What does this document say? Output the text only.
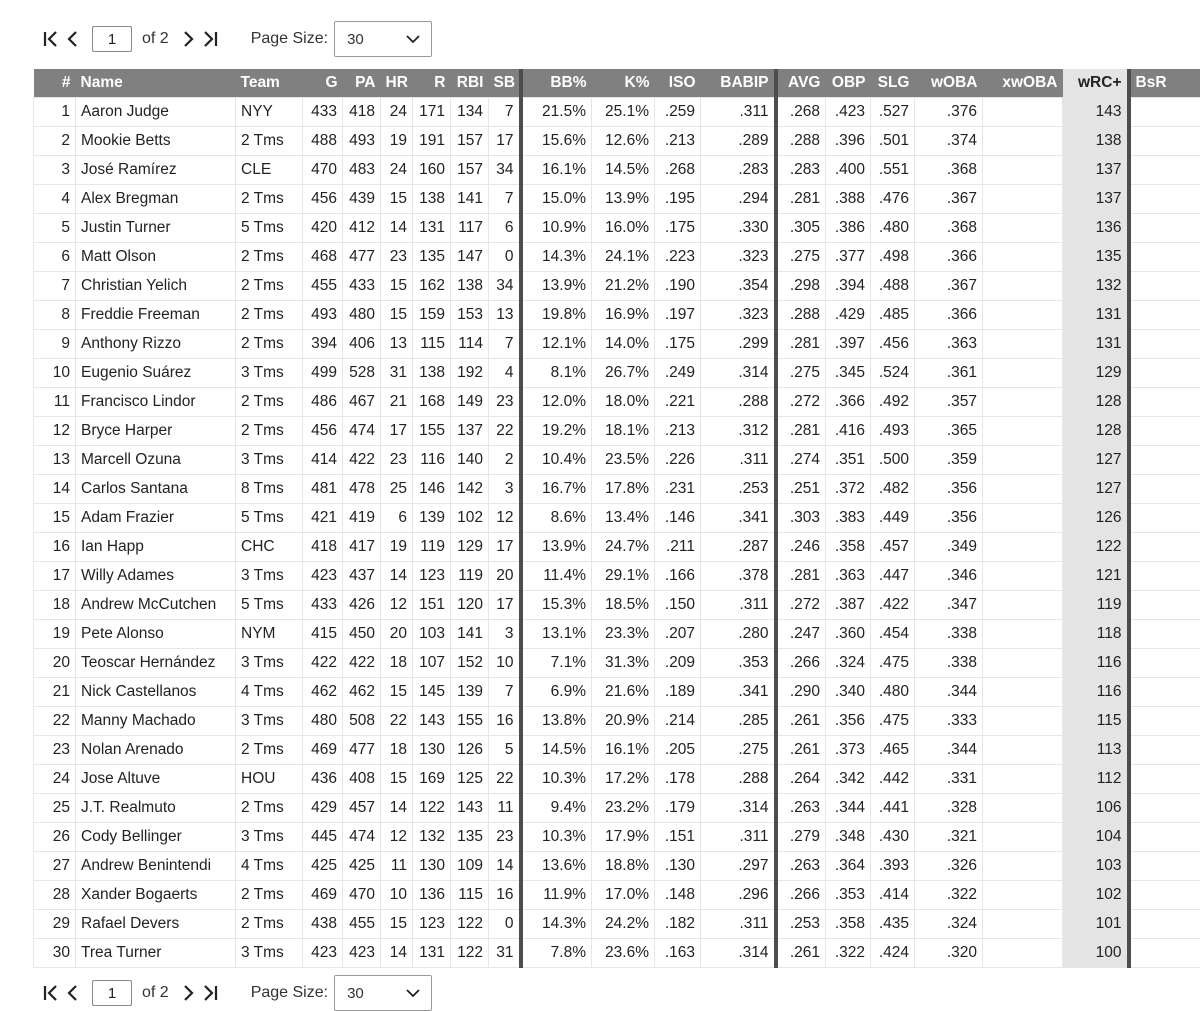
1
of 2	Page Size: 30
#	Name	Team	G	PA	HR	R	RBI	SB	BB%	K%	ISO	BABIP	AVG	OBP	SLG	wOBA	xwOBA	wRC+	BsR
1	Aaron Judge	NYY	433	418	24	171	134	7	21.5%	25.1%	.259	.311	.268	.423	.527	.376		143	
2	Mookie Betts	2 Tms	488	493	19	191	157	17	15.6%	12.6%	.213	.289	.288	.396	.501	.374		138	
3	José Ramírez	CLE	470	483	24	160	157	34	16.1%	14.5%	.268	.283	.283	.400	.551	.368		137	
4	Alex Bregman	2 Tms	456	439	15	138	141	7	15.0%	13.9%	.195	.294	.281	.388	.476	.367		137	
5	Justin Turner	5 Tms	420	412	14	131	117	6	10.9%	16.0%	.175	.330	.305	.386	.480	.368		136	
6	Matt Olson	2 Tms	468	477	23	135	147	0	14.3%	24.1%	.223	.323	.275	.377	.498	.366		135	
7	Christian Yelich	2 Tms	455	433	15	162	138	34	13.9%	21.2%	.190	.354	.298	.394	.488	.367		132	
8	Freddie Freeman	2 Tms	493	480	15	159	153	13	19.8%	16.9%	.197	.323	.288	.429	.485	.366		131	
9	Anthony Rizzo	2 Tms	394	406	13	115	114	7	12.1%	14.0%	.175	.299	.281	.397	.456	.363		131	
10	Eugenio Suárez	3 Tms	499	528	31	138	192	4	8.1%	26.7%	.249	.314	.275	.345	.524	.361		129	
11	Francisco Lindor	2 Tms	486	467	21	168	149	23	12.0%	18.0%	.221	.288	.272	.366	.492	.357		128	
12	Bryce Harper	2 Tms	456	474	17	155	137	22	19.2%	18.1%	.213	.312	.281	.416	.493	.365		128	
13	Marcell Ozuna	3 Tms	414	422	23	116	140	2	10.4%	23.5%	.226	.311	.274	.351	.500	.359		127	
14	Carlos Santana	8 Tms	481	478	25	146	142	3	16.7%	17.8%	.231	.253	.251	.372	.482	.356		127	
15	Adam Frazier	5 Tms	421	419	6	139	102	12	8.6%	13.4%	.146	.341	.303	.383	.449	.356		126	
16	Ian Happ	CHC	418	417	19	119	129	17	13.9%	24.7%	.211	.287	.246	.358	.457	.349		122	
17	Willy Adames	3 Tms	423	437	14	123	119	20	11.4%	29.1%	.166	.378	.281	.363	.447	.346		121	
18	Andrew McCutchen	5 Tms	433	426	12	151	120	17	15.3%	18.5%	.150	.311	.272	.387	.422	.347		119	
19	Pete Alonso	NYM	415	450	20	103	141	3	13.1%	23.3%	.207	.280	.247	.360	.454	.338		118	
20	Teoscar Hernández	3 Tms	422	422	18	107	152	10	7.1%	31.3%	.209	.353	.266	.324	.475	.338		116	
21	Nick Castellanos	4 Tms	462	462	15	145	139	7	6.9%	21.6%	.189	.341	.290	.340	.480	.344		116	
22	Manny Machado	3 Tms	480	508	22	143	155	16	13.8%	20.9%	.214	.285	.261	.356	.475	.333		115	
23	Nolan Arenado	2 Tms	469	477	18	130	126	5	14.5%	16.1%	.205	.275	.261	.373	.465	.344		113	
24	Jose Altuve	HOU	436	408	15	169	125	22	10.3%	17.2%	.178	.288	.264	.342	.442	.331		112	
25	J.T. Realmuto	2 Tms	429	457	14	122	143	11	9.4%	23.2%	.179	.314	.263	.344	.441	.328		106	
26	Cody Bellinger	3 Tms	445	474	12	132	135	23	10.3%	17.9%	.151	.311	.279	.348	.430	.321		104	
27	Andrew Benintendi	4 Tms	425	425	11	130	109	14	13.6%	18.8%	.130	.297	.263	.364	.393	.326		103	
28	Xander Bogaerts	2 Tms	469	470	10	136	115	16	11.9%	17.0%	.148	.296	.266	.353	.414	.322		102	
29	Rafael Devers	2 Tms	438	455	15	123	122	0	14.3%	24.2%	.182	.311	.253	.358	.435	.324		101	
30	Trea Turner	3 Tms	423	423	14	131	122	31	7.8%	23.6%	.163	.314	.261	.322	.424	.320		100	
1
of 2	Page Size: 30
